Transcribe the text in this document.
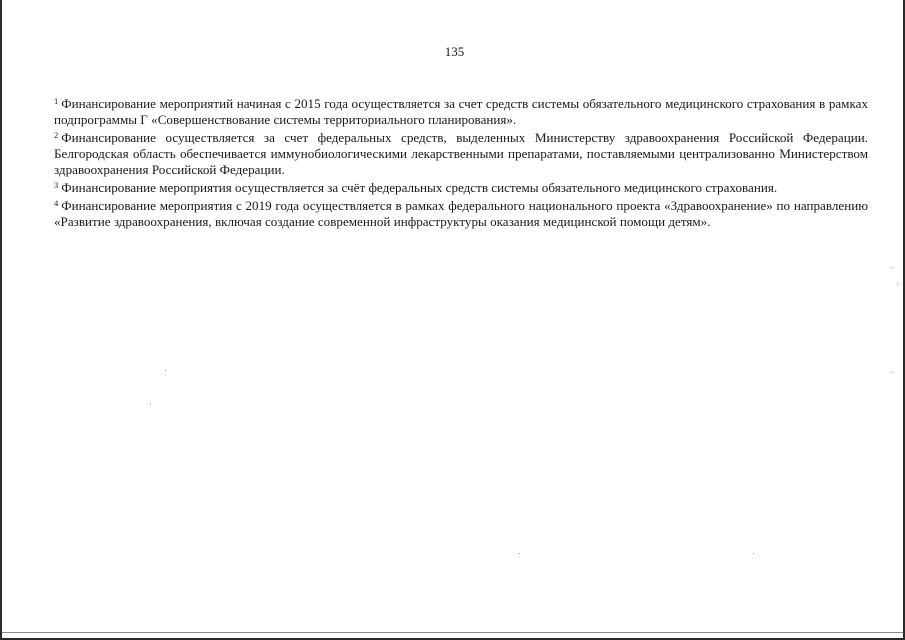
135

$^1$ Финансирование мероприятий начиная с 2015 года осуществляется за счет средств системы обязательного медицинского страхования в рамках подпрограммы Г «Совершенствование системы территориального планирования».

$^2$ Финансирование осуществляется за счет федеральных средств, выделенных Министерству здравоохранения Российской Федерации. Белгородская область обеспечивается иммунобиологическими лекарственными препаратами, поставляемыми централизованно Министерством здравоохранения Российской Федерации.

$^3$ Финансирование мероприятия осуществляется за счёт федеральных средств системы обязательного медицинского страхования.

$^4$ Финансирование мероприятия с 2019 года осуществляется в рамках федерального национального проекта «Здравоохранение» по направлению «Развитие здравоохранения, включая создание современной инфраструктуры оказания медицинской помощи детям».
